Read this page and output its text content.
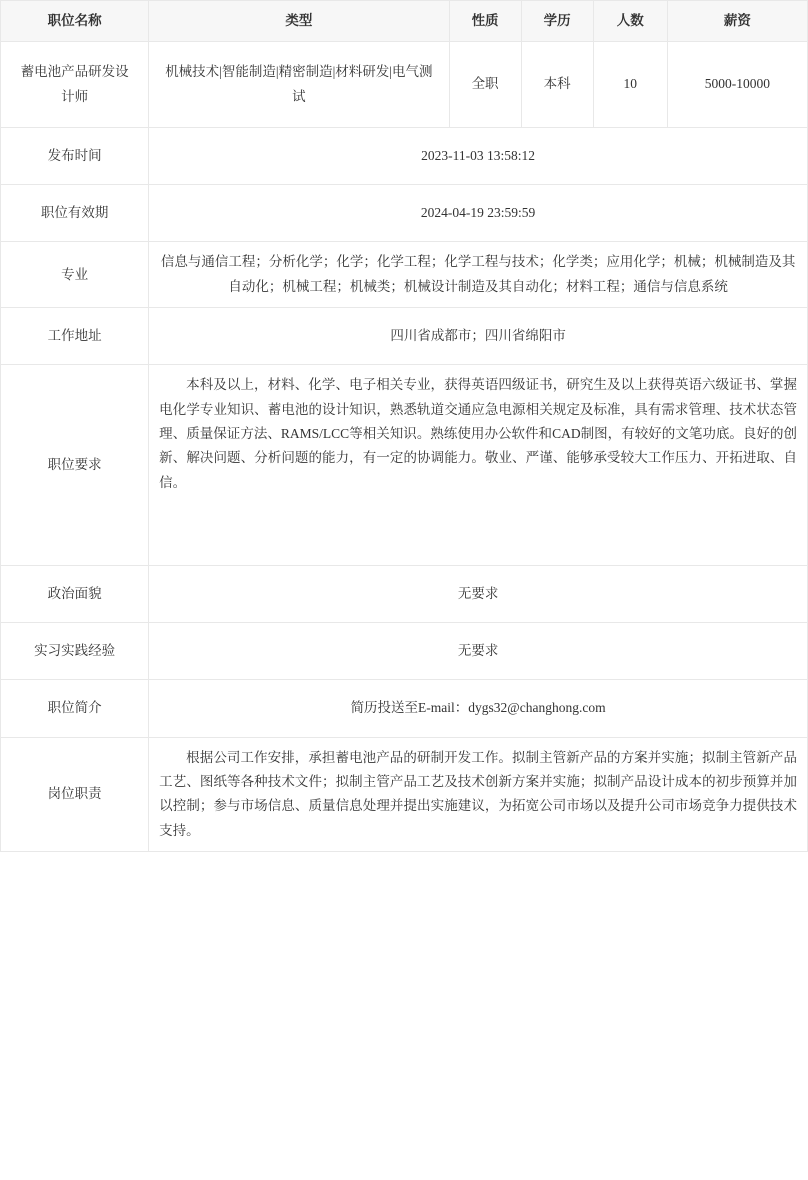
职位名称	类型	性质	学历	人数	薪资
蓄电池产品研发设计师	机械技术|智能制造|精密制造|材料研发|电气测试	全职	本科	10	5000-10000
发布时间	2023-11-03 13:58:12				
职位有效期	2024-04-19 23:59:59				
专业	信息与通信工程；分析化学；化学；化学工程；化学工程与技术；化学类；应用化学；机械；机械制造及其自动化；机械工程；机械类；机械设计制造及其自动化；材料工程；通信与信息系统				
工作地址	四川省成都市；四川省绵阳市				
职位要求	本科及以上，材料、化学、电子相关专业，获得英语四级证书，研究生及以上获得英语六级证书、掌握电化学专业知识、蓄电池的设计知识，熟悉轨道交通应急电源相关规定及标准，具有需求管理、技术状态管理、质量保证方法、RAMS/LCC等相关知识。熟练使用办公软件和CAD制图，有较好的文笔功底。良好的创新、解决问题、分析问题的能力，有一定的协调能力。敬业、严谨、能够承受较大工作压力、开拓进取、自信。				
政治面貌	无要求				
实习实践经验	无要求				
职位简介	简历投送至E-mail：dygs32@changhong.com				
岗位职责	根据公司工作安排，承担蓄电池产品的研制开发工作。拟制主管新产品的方案并实施；拟制主管新产品工艺、图纸等各种技术文件；拟制主管产品工艺及技术创新方案并实施；拟制产品设计成本的初步预算并加以控制；参与市场信息、质量信息处理并提出实施建议，为拓宽公司市场以及提升公司市场竞争力提供技术支持。				
